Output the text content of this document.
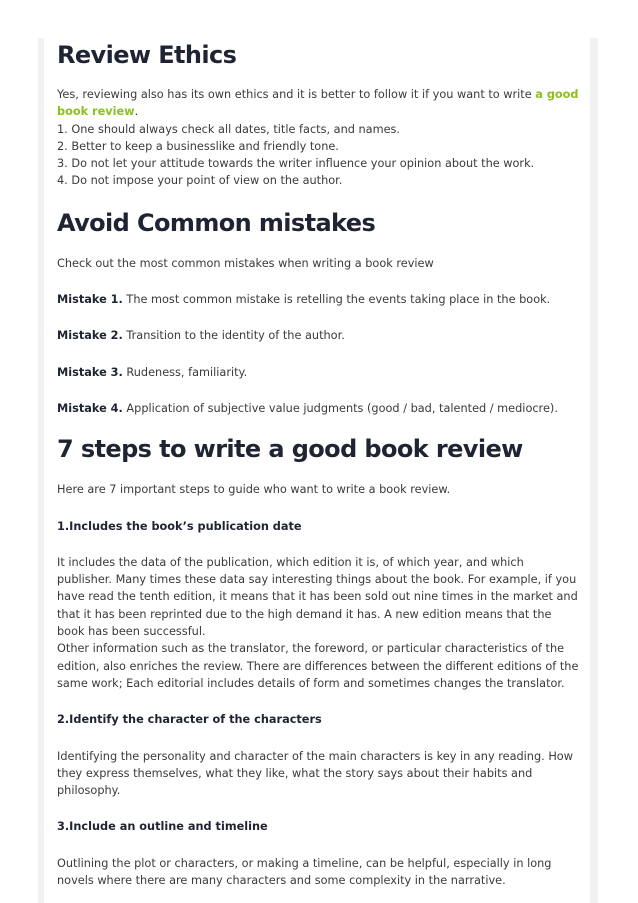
Review Ethics

Yes, reviewing also has its own ethics and it is better to follow it if you want to write a good book review.

1. One should always check all dates, title facts, and names.

2. Better to keep a businesslike and friendly tone.

3. Do not let your attitude towards the writer influence your opinion about the work.

4. Do not impose your point of view on the author.

Avoid Common mistakes

Check out the most common mistakes when writing a book review

Mistake 1. The most common mistake is retelling the events taking place in the book.

Mistake 2. Transition to the identity of the author.

Mistake 3. Rudeness, familiarity.

Mistake 4. Application of subjective value judgments (good / bad, talented / mediocre).

7 steps to write a good book review

Here are 7 important steps to guide who want to write a book review.

1.Includes the book’s publication date

It includes the data of the publication, which edition it is, of which year, and which publisher. Many times these data say interesting things about the book. For example, if you have read the tenth edition, it means that it has been sold out nine times in the market and that it has been reprinted due to the high demand it has. A new edition means that the book has been successful.

Other information such as the translator, the foreword, or particular characteristics of the edition, also enriches the review. There are differences between the different editions of the same work; Each editorial includes details of form and sometimes changes the translator.

2.Identify the character of the characters

Identifying the personality and character of the main characters is key in any reading. How they express themselves, what they like, what the story says about their habits and philosophy.

3.Include an outline and timeline

Outlining the plot or characters, or making a timeline, can be helpful, especially in long novels where there are many characters and some complexity in the narrative.
